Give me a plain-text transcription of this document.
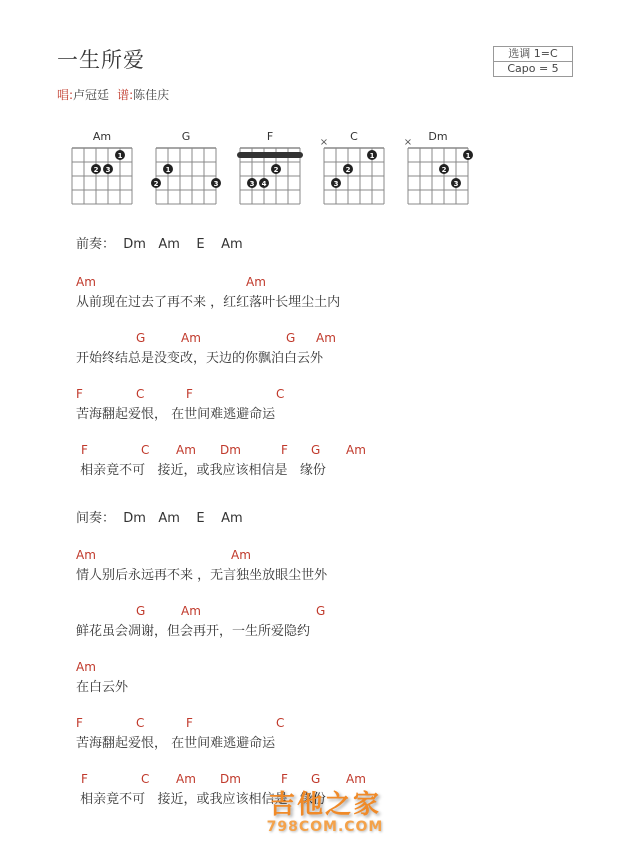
一生所爱
唱:卢冠廷 谱:陈佳庆
选调 1=C
Capo = 5
Am
1
2 3
G
1
2	3
F
2
3 4
C
×
1
2
3
Dm
×
1
2
3
前奏：  Dm   Am    E    Am
Am	Am
从前现在过去了再不来 ，红红落叶长埋尘土内
G	Am	G Am
开始终结总是没变改，天边的你飘泊白云外
F	C	F	C
苦海翻起爱恨， 在世间难逃避命运
F	C Am Dm	F G Am
相亲竟不可   接近，或我应该相信是   缘份
间奏：  Dm   Am    E    Am
Am	Am
情人别后永远再不来 ，无言独坐放眼尘世外
G	Am	G
鲜花虽会凋谢，但会再开，一生所爱隐约
Am
在白云外
F	C	F	C
苦海翻起爱恨， 在世间难逃避命运
F	C Am Dm	F G Am
相亲竟不可   接近，或我应该相信是   缘份
吉他之家
798COM.COM
